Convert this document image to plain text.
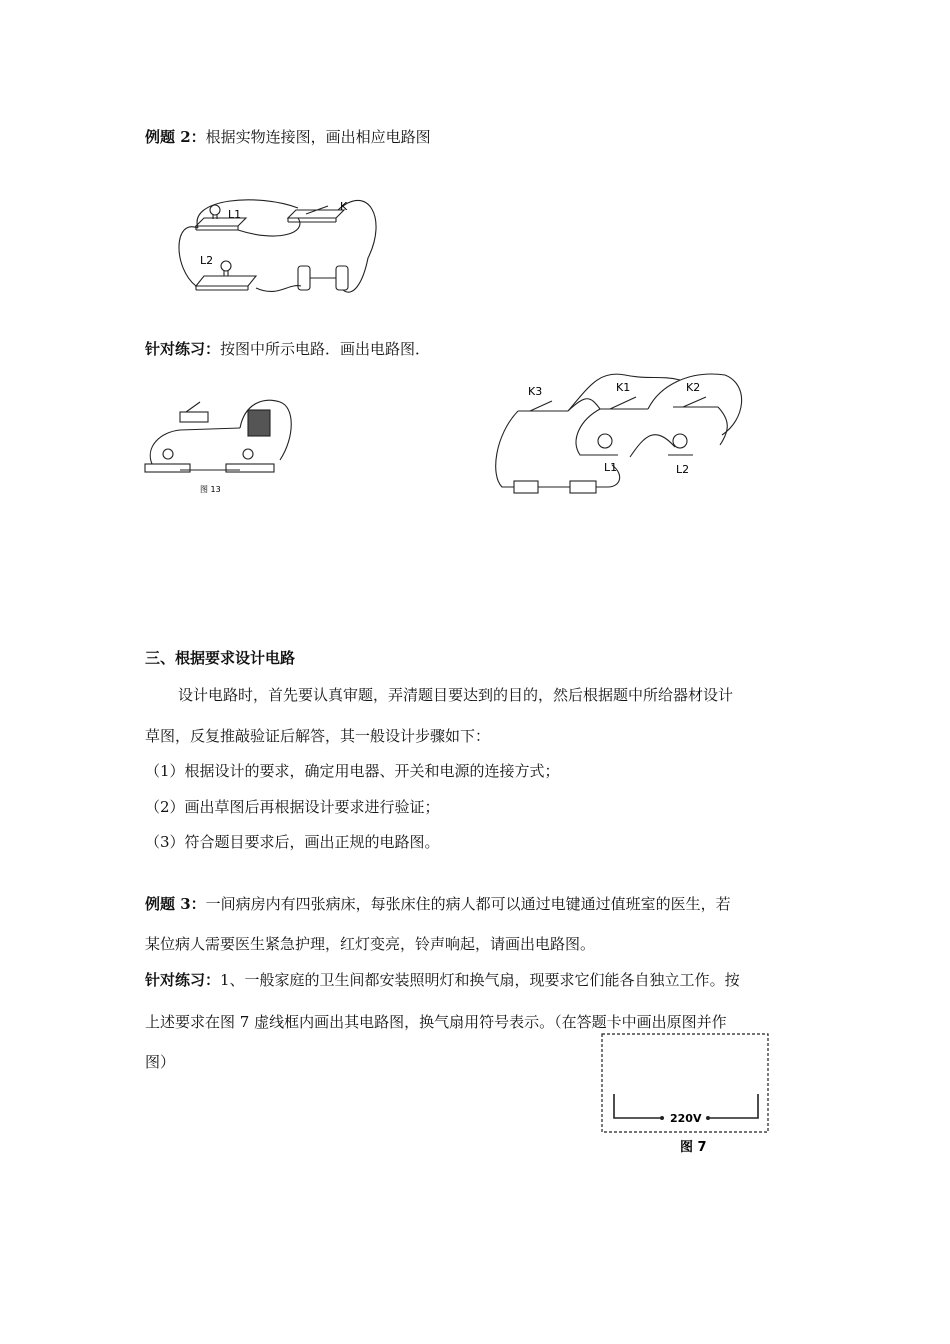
例题 2：根据实物连接图，画出相应电路图
L1
L2
K
针对练习：按图中所示电路．画出电路图．
图 13
K3	K1	K2
L1	L2
三、根据要求设计电路
设计电路时，首先要认真审题，弄清题目要达到的目的，然后根据题中所给器材设计
草图，反复推敲验证后解答，其一般设计步骤如下：
（1）根据设计的要求，确定用电器、开关和电源的连接方式；
（2）画出草图后再根据设计要求进行验证；
（3）符合题目要求后，画出正规的电路图。
例题 3：一间病房内有四张病床，每张床住的病人都可以通过电键通过值班室的医生，若
某位病人需要医生紧急护理，红灯变亮，铃声响起，请画出电路图。
针对练习：1、一般家庭的卫生间都安装照明灯和换气扇，现要求它们能各自独立工作。按
上述要求在图 7 虚线框内画出其电路图，换气扇用符号表示。（在答题卡中画出原图并作
图）
220V
图 7
